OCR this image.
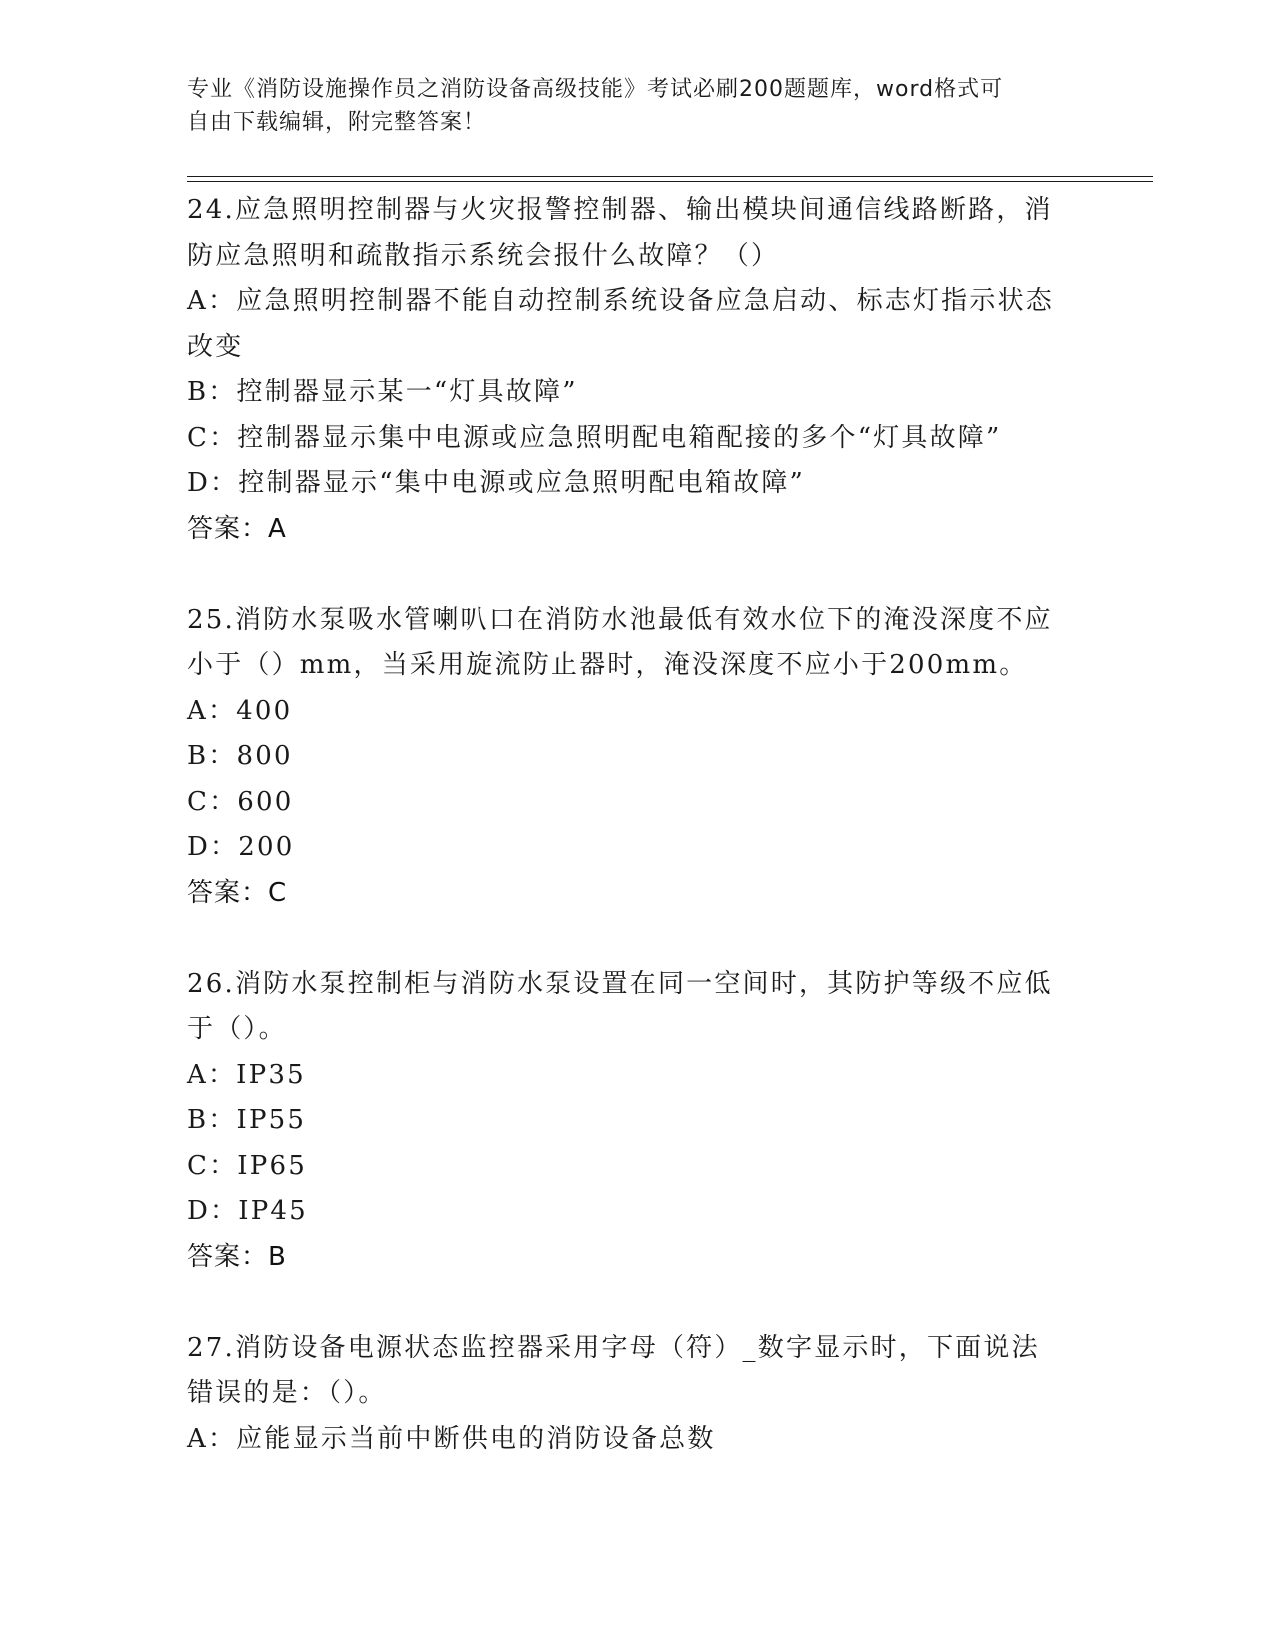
专业《消防设施操作员之消防设备高级技能》考试必刷200题题库，word格式可
自由下载编辑，附完整答案！
24.应急照明控制器与火灾报警控制器、输出模块间通信线路断路，消
防应急照明和疏散指示系统会报什么故障？（）
A：应急照明控制器不能自动控制系统设备应急启动、标志灯指示状态
改变
B：控制器显示某一“灯具故障”
C：控制器显示集中电源或应急照明配电箱配接的多个“灯具故障”
D：控制器显示“集中电源或应急照明配电箱故障”
答案：A
25.消防水泵吸水管喇叭口在消防水池最低有效水位下的淹没深度不应
小于（）mm，当采用旋流防止器时，淹没深度不应小于200mm。
A：400
B：800
C：600
D：200
答案：C
26.消防水泵控制柜与消防水泵设置在同一空间时，其防护等级不应低
于（）。
A：IP35
B：IP55
C：IP65
D：IP45
答案：B
27.消防设备电源状态监控器采用字母（符）_数字显示时，下面说法
错误的是：（）。
A：应能显示当前中断供电的消防设备总数
